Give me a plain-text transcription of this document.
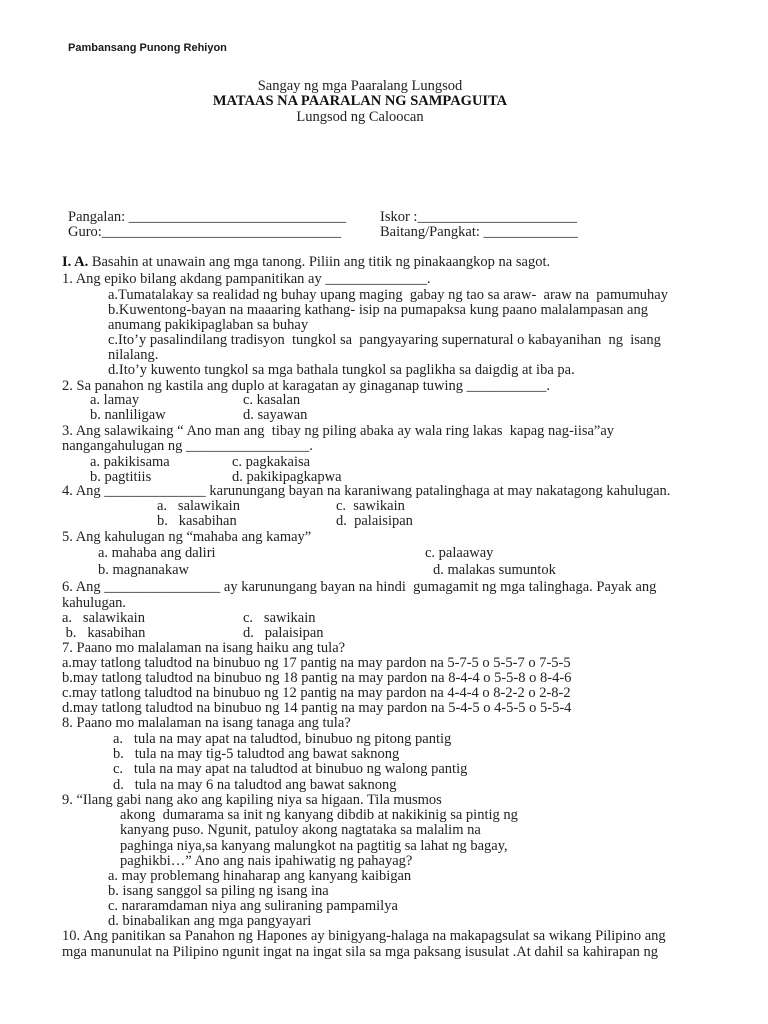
Pambansang Punong Rehiyon
Sangay ng mga Paaralang Lungsod
MATAAS NA PAARALAN NG SAMPAGUITA
Lungsod ng Caloocan
Pangalan: ______________________________ Iskor :______________________
Guro:_________________________________	Baitang/Pangkat: _____________
I. A. Basahin at unawain ang mga tanong. Piliin ang titik ng pinakaangkop na sagot.
1. Ang epiko bilang akdang pampanitikan ay ______________.
a.Tumatalakay sa realidad ng buhay upang maging  gabay ng tao sa araw-  araw na  pamumuhay
b.Kuwentong-bayan na maaaring kathang- isip na pumapaksa kung paano malalampasan ang
anumang pakikipaglaban sa buhay
c.Ito’y pasalindilang tradisyon  tungkol sa  pangyayaring supernatural o kabayanihan  ng  isang
nilalang.
d.Ito’y kuwento tungkol sa mga bathala tungkol sa paglikha sa daigdig at iba pa.
2. Sa panahon ng kastila ang duplo at karagatan ay ginaganap tuwing ___________.
a. lamay
b. nanliligaw
c. kasalan
d. sayawan
3. Ang salawikaing “ Ano man ang  tibay ng piling abaka ay wala ring lakas  kapag nag-iisa”ay
nangangahulugan ng _________________.
a. pakikisama
b. pagtitiis
c. pagkakaisa
d. pakikipagkapwa
4. Ang ______________ karunungang bayan na karaniwang patalinghaga at may nakatagong kahulugan.
a.   salawikain
b.   kasabihan
c.  sawikain
d.  palaisipan
5. Ang kahulugan ng “mahaba ang kamay”
a. mahaba ang daliri
b. magnanakaw
c. palaaway
d. malakas sumuntok
6. Ang ________________ ay karunungang bayan na hindi  gumagamit ng mga talinghaga. Payak ang
kahulugan.
a.   salawikain
b.   kasabihan
c.   sawikain
d.   palaisipan
7. Paano mo malalaman na isang haiku ang tula?
a.may tatlong taludtod na binubuo ng 17 pantig na may pardon na 5-7-5 o 5-5-7 o 7-5-5
b.may tatlong taludtod na binubuo ng 18 pantig na may pardon na 8-4-4 o 5-5-8 o 8-4-6
c.may tatlong taludtod na binubuo ng 12 pantig na may pardon na 4-4-4 o 8-2-2 o 2-8-2
d.may tatlong taludtod na binubuo ng 14 pantig na may pardon na 5-4-5 o 4-5-5 o 5-5-4
8. Paano mo malalaman na isang tanaga ang tula?
a.   tula na may apat na taludtod, binubuo ng pitong pantig
b.   tula na may tig-5 taludtod ang bawat saknong
c.   tula na may apat na taludtod at binubuo ng walong pantig
d.   tula na may 6 na taludtod ang bawat saknong
9. “Ilang gabi nang ako ang kapiling niya sa higaan. Tila musmos
akong  dumarama sa init ng kanyang dibdib at nakikinig sa pintig ng
kanyang puso. Ngunit, patuloy akong nagtataka sa malalim na
paghinga niya,sa kanyang malungkot na pagtitig sa lahat ng bagay,
paghikbi…” Ano ang nais ipahiwatig ng pahayag?
a. may problemang hinaharap ang kanyang kaibigan
b. isang sanggol sa piling ng isang ina
c. nararamdaman niya ang suliraning pampamilya
d. binabalikan ang mga pangyayari
10. Ang panitikan sa Panahon ng Hapones ay binigyang-halaga na makapagsulat sa wikang Pilipino ang
mga manunulat na Pilipino ngunit ingat na ingat sila sa mga paksang isusulat .At dahil sa kahirapan ng
